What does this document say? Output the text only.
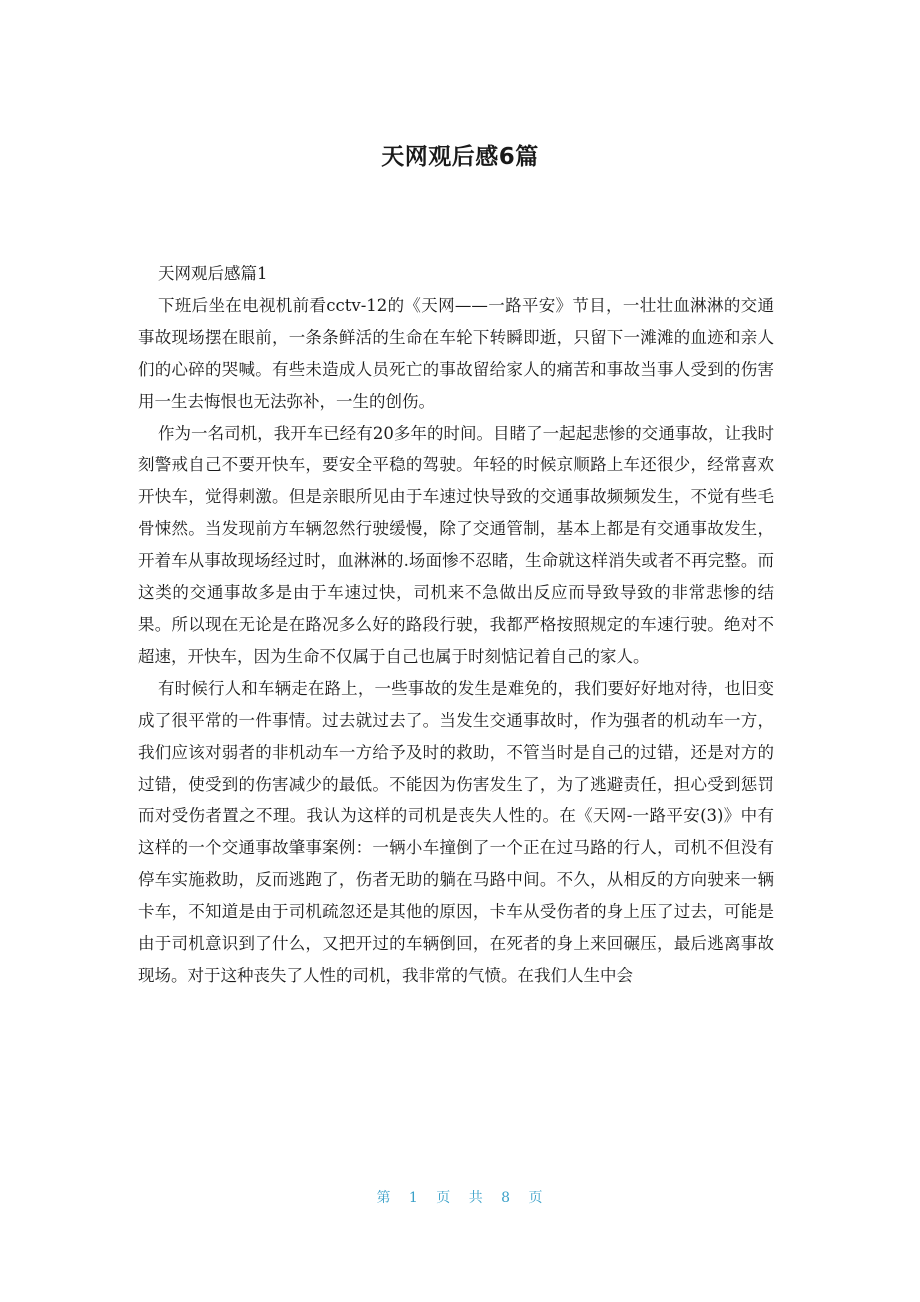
天网观后感6篇

天网观后感篇1

下班后坐在电视机前看cctv-12的《天网——一路平安》节目，一壮壮血淋淋的交通事故现场摆在眼前，一条条鲜活的生命在车轮下转瞬即逝，只留下一滩滩的血迹和亲人们的心碎的哭喊。有些未造成人员死亡的事故留给家人的痛苦和事故当事人受到的伤害用一生去悔恨也无法弥补，一生的创伤。

作为一名司机，我开车已经有20多年的时间。目睹了一起起悲惨的交通事故，让我时刻警戒自己不要开快车，要安全平稳的驾驶。年轻的时候京顺路上车还很少，经常喜欢开快车，觉得刺激。但是亲眼所见由于车速过快导致的交通事故频频发生，不觉有些毛骨悚然。当发现前方车辆忽然行驶缓慢，除了交通管制，基本上都是有交通事故发生，开着车从事故现场经过时，血淋淋的.场面惨不忍睹，生命就这样消失或者不再完整。而这类的交通事故多是由于车速过快，司机来不急做出反应而导致导致的非常悲惨的结果。所以现在无论是在路况多么好的路段行驶，我都严格按照规定的车速行驶。绝对不超速，开快车，因为生命不仅属于自己也属于时刻惦记着自己的家人。

有时候行人和车辆走在路上，一些事故的发生是难免的，我们要好好地对待，也旧变成了很平常的一件事情。过去就过去了。当发生交通事故时，作为强者的机动车一方，我们应该对弱者的非机动车一方给予及时的救助，不管当时是自己的过错，还是对方的过错，使受到的伤害减少的最低。不能因为伤害发生了，为了逃避责任，担心受到惩罚而对受伤者置之不理。我认为这样的司机是丧失人性的。在《天网-一路平安(3)》中有这样的一个交通事故肇事案例：一辆小车撞倒了一个正在过马路的行人，司机不但没有停车实施救助，反而逃跑了，伤者无助的躺在马路中间。不久，从相反的方向驶来一辆卡车，不知道是由于司机疏忽还是其他的原因，卡车从受伤者的身上压了过去，可能是由于司机意识到了什么，又把开过的车辆倒回，在死者的身上来回碾压，最后逃离事故现场。对于这种丧失了人性的司机，我非常的气愤。在我们人生中会

第 1 页 共 8 页
